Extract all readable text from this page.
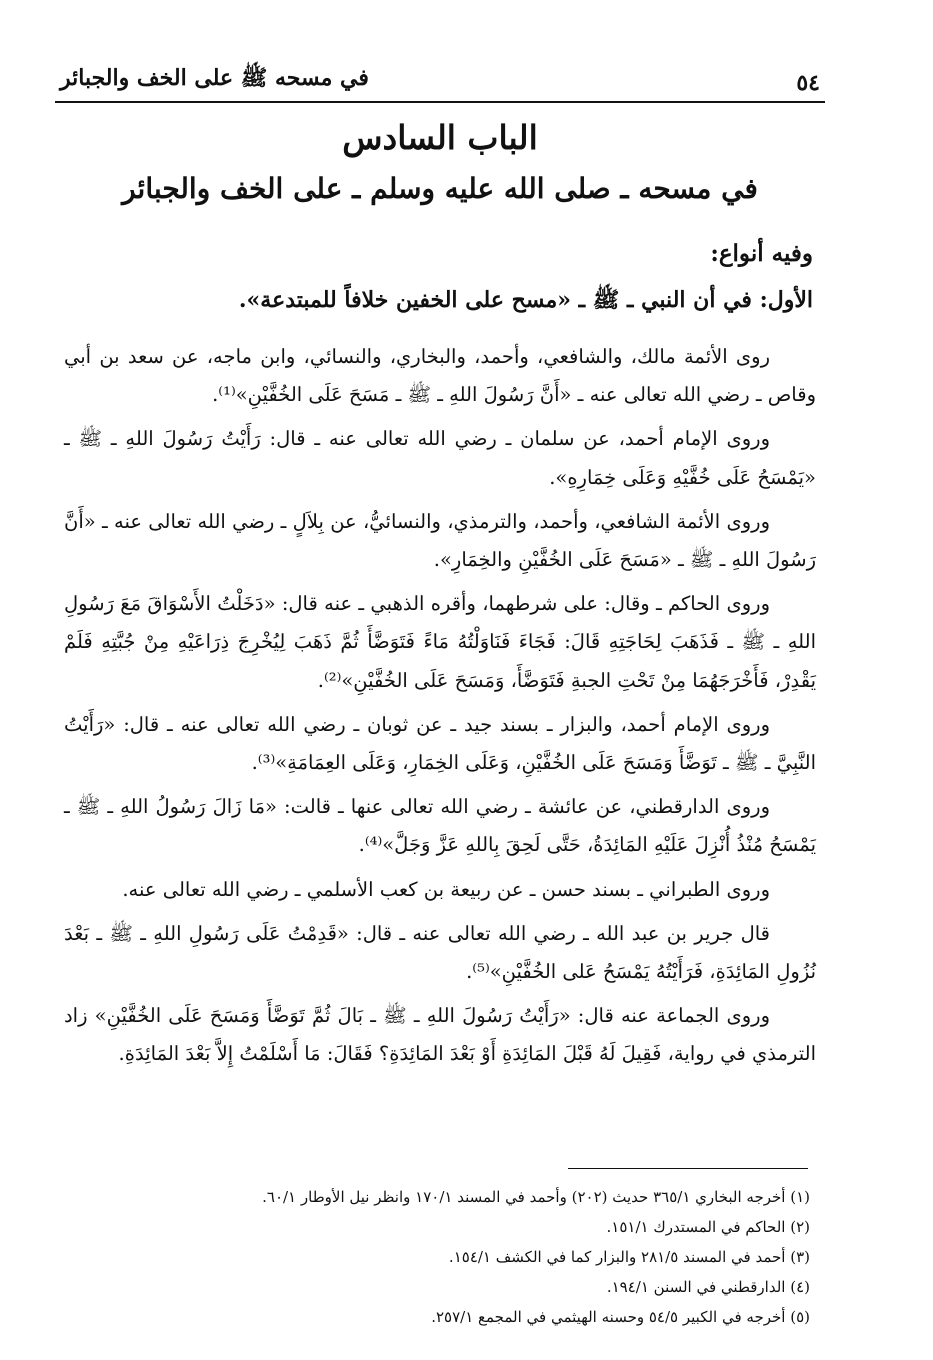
٥٤
في مسحه ﷺ على الخف والجبائر
الباب السادس
في مسحه ـ صلى الله عليه وسلم ـ على الخف والجبائر
وفيه أنواع:
الأول: في أن النبي ـ ﷺ ـ «مسح على الخفين خلافاً للمبتدعة».

روى الأئمة مالك، والشافعي، وأحمد، والبخاري، والنسائي، وابن ماجه، عن سعد بن أبي وقاص ـ رضي الله تعالى عنه ـ «أَنَّ رَسُولَ اللهِ ـ ﷺ ـ مَسَحَ عَلَى الخُفَّيْنِ»⁽¹⁾.

وروى الإمام أحمد، عن سلمان ـ رضي الله تعالى عنه ـ قال: رَأَيْتُ رَسُولَ اللهِ ـ ﷺ ـ «يَمْسَحُ عَلَى خُفَّيْهِ وَعَلَى خِمَارِهِ».

وروى الأئمة الشافعي، وأحمد، والترمذي، والنسائيُّ، عن بِلاَلٍ ـ رضي الله تعالى عنه ـ «أَنَّ رَسُولَ اللهِ ـ ﷺ ـ «مَسَحَ عَلَى الخُفَّيْنِ والخِمَارِ».

وروى الحاكم ـ وقال: على شرطهما، وأقره الذهبي ـ عنه قال: «دَخَلْتُ الأَسْوَاقَ مَعَ رَسُولِ اللهِ ـ ﷺ ـ فَذَهَبَ لِحَاجَتِهِ قَالَ: فَجَاءَ فَنَاوَلْتُهُ مَاءً فَتَوَضَّأَ ثُمَّ ذَهَبَ لِيُخْرِجَ ذِرَاعَيْهِ مِنْ جُبَّتِهِ فَلَمْ يَقْدِرْ، فَأَخْرَجَهُمَا مِنْ تَحْتِ الجبةِ فَتَوَضَّأَ، وَمَسَحَ عَلَى الخُفَّيْنِ»⁽²⁾.

وروى الإمام أحمد، والبزار ـ بسند جيد ـ عن ثوبان ـ رضي الله تعالى عنه ـ قال: «رَأَيْتُ النَّبِيَّ ـ ﷺ ـ تَوَضَّأَ وَمَسَحَ عَلَى الخُفَّيْنِ، وَعَلَى الخِمَارِ، وَعَلَى العِمَامَةِ»⁽³⁾.

وروى الدارقطني، عن عائشة ـ رضي الله تعالى عنها ـ قالت: «مَا زَالَ رَسُولُ اللهِ ـ ﷺ ـ يَمْسَحُ مُنْذُ أُنْزِلَ عَلَيْهِ المَائِدَةُ، حَتَّى لَحِقَ بِاللهِ عَزَّ وَجَلَّ»⁽⁴⁾.

وروى الطبراني ـ بسند حسن ـ عن ربيعة بن كعب الأسلمي ـ رضي الله تعالى عنه.

قال جرير بن عبد الله ـ رضي الله تعالى عنه ـ قال: «قَدِمْتُ عَلَى رَسُولِ اللهِ ـ ﷺ ـ بَعْدَ نُزُولِ المَائِدَةِ، فَرَأَيْتُهُ يَمْسَحُ عَلى الخُفَّيْنِ»⁽⁵⁾.

وروى الجماعة عنه قال: «رَأَيْتُ رَسُولَ اللهِ ـ ﷺ ـ بَالَ ثُمَّ تَوَضَّأَ وَمَسَحَ عَلَى الخُفَّيْنِ» زاد الترمذي في رواية، فَقِيلَ لَهُ قَبْلَ المَائِدَةِ أَوْ بَعْدَ المَائِدَةِ؟ فَقَالَ: مَا أَسْلَمْتُ إِلاَّ بَعْدَ المَائِدَةِ.

(١) أخرجه البخاري ٣٦٥/١ حديث (٢٠٢) وأحمد في المسند ١٧٠/١ وانظر نيل الأوطار ٦٠/١.
(٢) الحاكم في المستدرك ١٥١/١.
(٣) أحمد في المسند ٢٨١/٥ والبزار كما في الكشف ١٥٤/١.
(٤) الدارقطني في السنن ١٩٤/١.
(٥) أخرجه في الكبير ٥٤/٥ وحسنه الهيثمي في المجمع ٢٥٧/١.
